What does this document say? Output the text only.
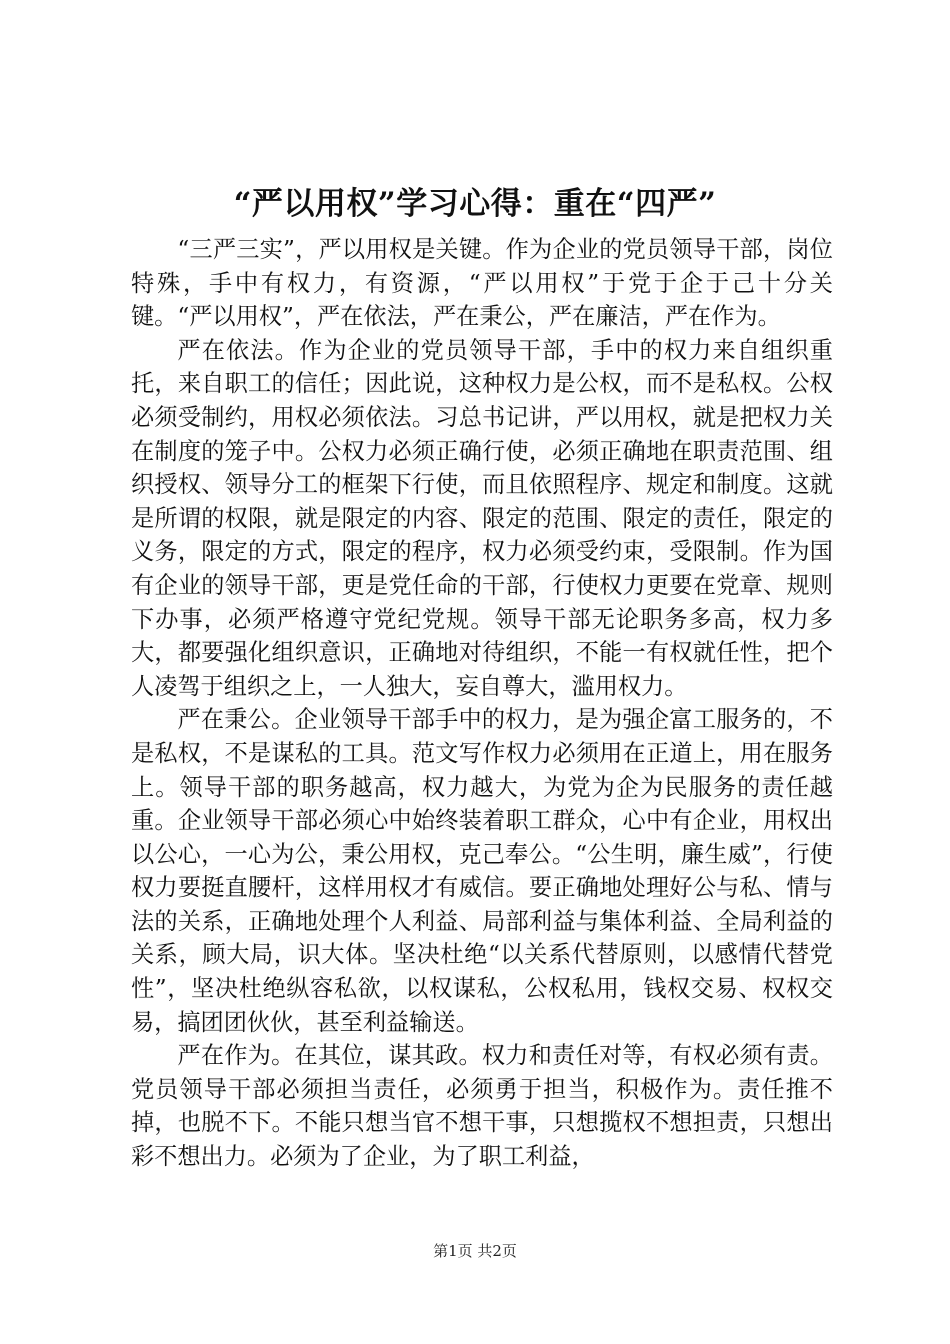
“严以用权”学习心得：重在“四严”

“三严三实”，严以用权是关键。作为企业的党员领导干部，岗位特殊，手中有权力，有资源，“严以用权”于党于企于己十分关键。“严以用权”，严在依法，严在秉公，严在廉洁，严在作为。

严在依法。作为企业的党员领导干部，手中的权力来自组织重托，来自职工的信任；因此说，这种权力是公权，而不是私权。公权必须受制约，用权必须依法。习总书记讲，严以用权，就是把权力关在制度的笼子中。公权力必须正确行使，必须正确地在职责范围、组织授权、领导分工的框架下行使，而且依照程序、规定和制度。这就是所谓的权限，就是限定的内容、限定的范围、限定的责任，限定的义务，限定的方式，限定的程序，权力必须受约束，受限制。作为国有企业的领导干部，更是党任命的干部，行使权力更要在党章、规则下办事，必须严格遵守党纪党规。领导干部无论职务多高，权力多大，都要强化组织意识，正确地对待组织，不能一有权就任性，把个人凌驾于组织之上，一人独大，妄自尊大，滥用权力。

严在秉公。企业领导干部手中的权力，是为强企富工服务的，不是私权，不是谋私的工具。范文写作权力必须用在正道上，用在服务上。领导干部的职务越高，权力越大，为党为企为民服务的责任越重。企业领导干部必须心中始终装着职工群众，心中有企业，用权出以公心，一心为公，秉公用权，克己奉公。“公生明，廉生威”，行使权力要挺直腰杆，这样用权才有威信。要正确地处理好公与私、情与法的关系，正确地处理个人利益、局部利益与集体利益、全局利益的关系，顾大局，识大体。坚决杜绝“以关系代替原则，以感情代替党性”，坚决杜绝纵容私欲，以权谋私，公权私用，钱权交易、权权交易，搞团团伙伙，甚至利益输送。

严在作为。在其位，谋其政。权力和责任对等，有权必须有责。党员领导干部必须担当责任，必须勇于担当，积极作为。责任推不掉，也脱不下。不能只想当官不想干事，只想揽权不想担责，只想出彩不想出力。必须为了企业，为了职工利益，

第1页 共2页
